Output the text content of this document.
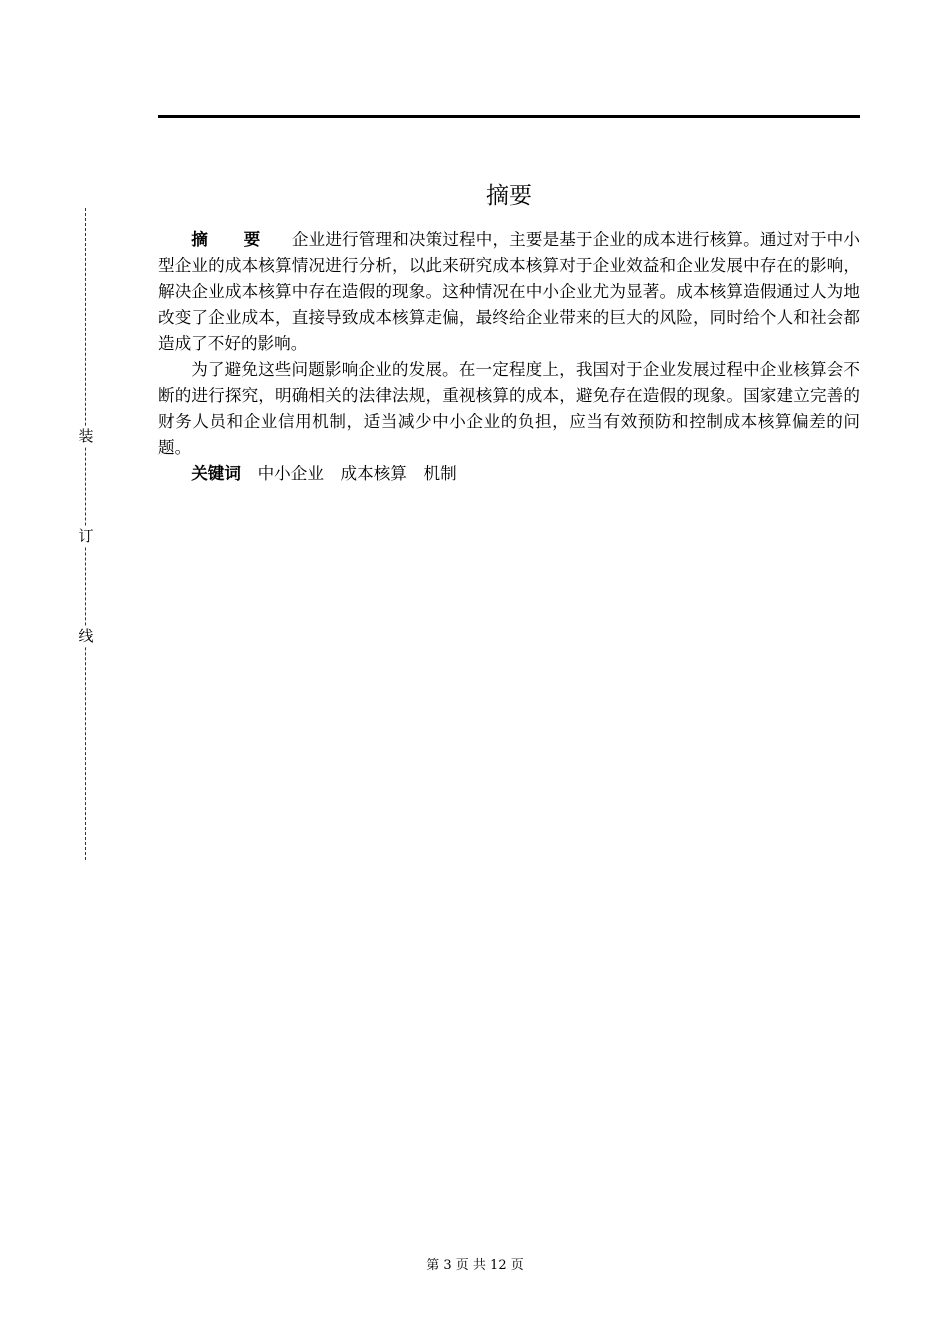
装
订
线
摘要

摘 要 企业进行管理和决策过程中，主要是基于企业的成本进行核算。通过对于中小型企业的成本核算情况进行分析，以此来研究成本核算对于企业效益和企业发展中存在的影响，解决企业成本核算中存在造假的现象。这种情况在中小企业尤为显著。成本核算造假通过人为地改变了企业成本，直接导致成本核算走偏，最终给企业带来的巨大的风险，同时给个人和社会都造成了不好的影响。

为了避免这些问题影响企业的发展。在一定程度上，我国对于企业发展过程中企业核算会不断的进行探究，明确相关的法律法规，重视核算的成本，避免存在造假的现象。国家建立完善的财务人员和企业信用机制，适当减少中小企业的负担，应当有效预防和控制成本核算偏差的问题。

关键词 中小企业 成本核算 机制

第 3 页 共 12 页
